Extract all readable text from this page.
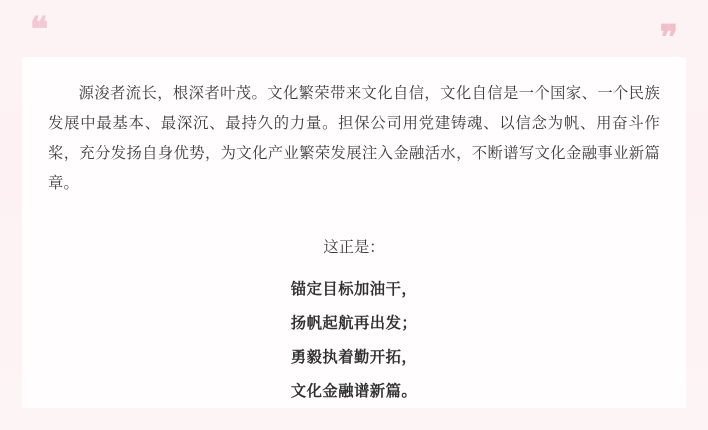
❝	❞

源浚者流长，根深者叶茂。文化繁荣带来文化自信，文化自信是一个国家、一个民族发展中最基本、最深沉、最持久的力量。担保公司用党建铸魂、以信念为帆、用奋斗作桨，充分发扬自身优势，为文化产业繁荣发展注入金融活水，不断谱写文化金融事业新篇章。

这正是：
锚定目标加油干，
扬帆起航再出发；
勇毅执着勤开拓，
文化金融谱新篇。
